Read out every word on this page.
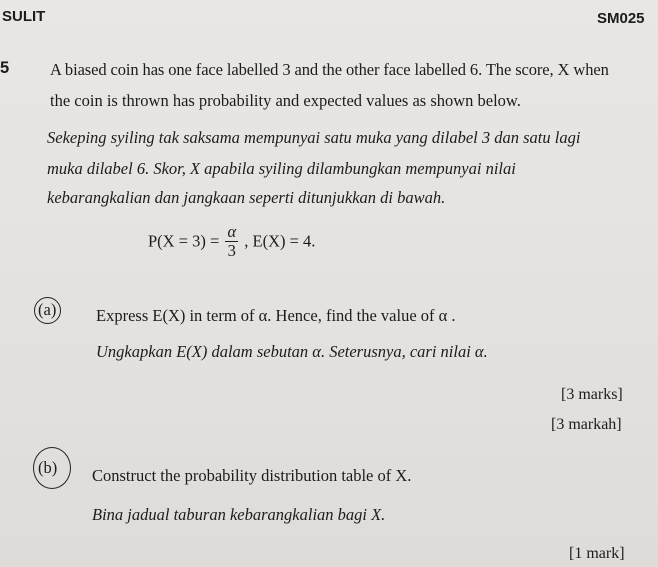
SULIT	SM025
5 A biased coin has one face labelled 3 and the other face labelled 6. The score, X when
the coin is thrown has probability and expected values as shown below.
Sekeping syiling tak saksama mempunyai satu muka yang dilabel 3 dan satu lagi
muka dilabel 6. Skor, X apabila syiling dilambungkan mempunyai nilai
kebarangkalian dan jangkaan seperti ditunjukkan di bawah.
$P(X = 3) = \frac{\alpha}{3}$ , E(X) = 4.
(a) Express E(X) in term of α. Hence, find the value of α .
Ungkapkan E(X) dalam sebutan α. Seterusnya, cari nilai α.
[3 marks]
[3 markah]
(b) Construct the probability distribution table of X.
Bina jadual taburan kebarangkalian bagi X.
[1 mark]
